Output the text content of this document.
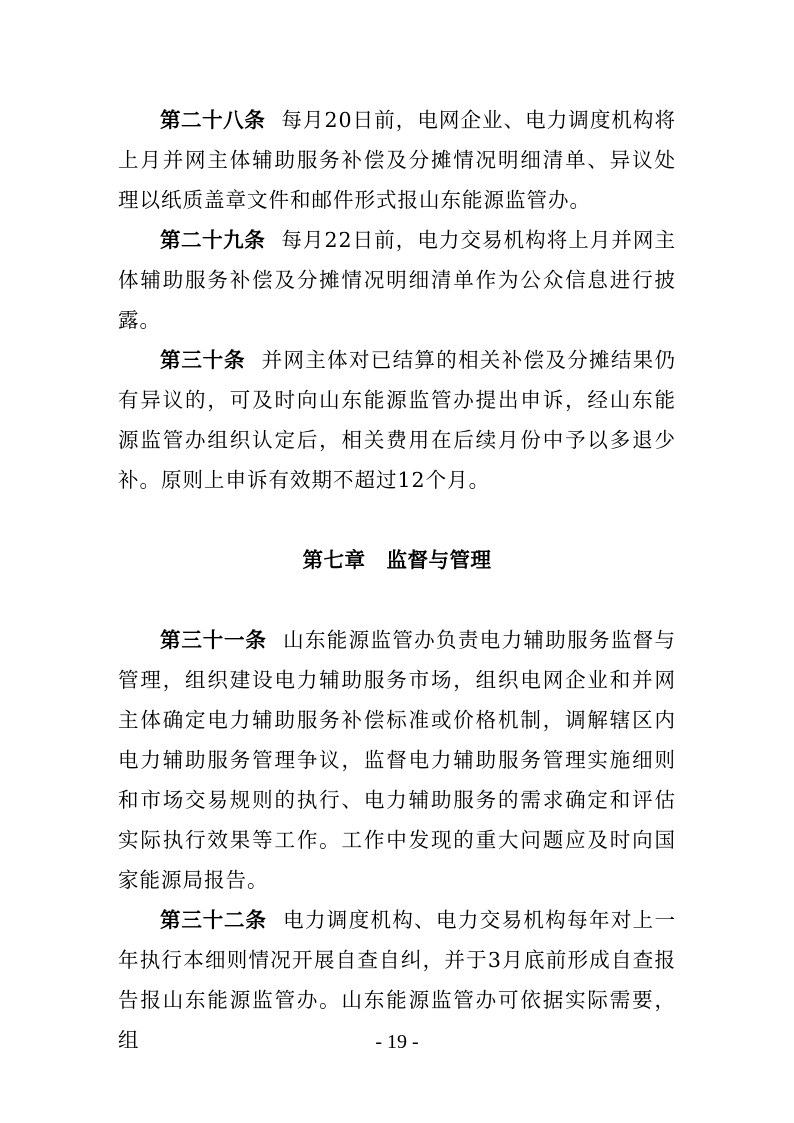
第二十八条 每月20日前，电网企业、电力调度机构将上月并网主体辅助服务补偿及分摊情况明细清单、异议处理以纸质盖章文件和邮件形式报山东能源监管办。

第二十九条 每月22日前，电力交易机构将上月并网主体辅助服务补偿及分摊情况明细清单作为公众信息进行披露。

第三十条 并网主体对已结算的相关补偿及分摊结果仍有异议的，可及时向山东能源监管办提出申诉，经山东能源监管办组织认定后，相关费用在后续月份中予以多退少补。原则上申诉有效期不超过12个月。

第七章　监督与管理

第三十一条 山东能源监管办负责电力辅助服务监督与管理，组织建设电力辅助服务市场，组织电网企业和并网主体确定电力辅助服务补偿标准或价格机制，调解辖区内电力辅助服务管理争议，监督电力辅助服务管理实施细则和市场交易规则的执行、电力辅助服务的需求确定和评估实际执行效果等工作。工作中发现的重大问题应及时向国家能源局报告。

第三十二条 电力调度机构、电力交易机构每年对上一年执行本细则情况开展自查自纠，并于3月底前形成自查报告报山东能源监管办。山东能源监管办可依据实际需要，组	- 19 -
